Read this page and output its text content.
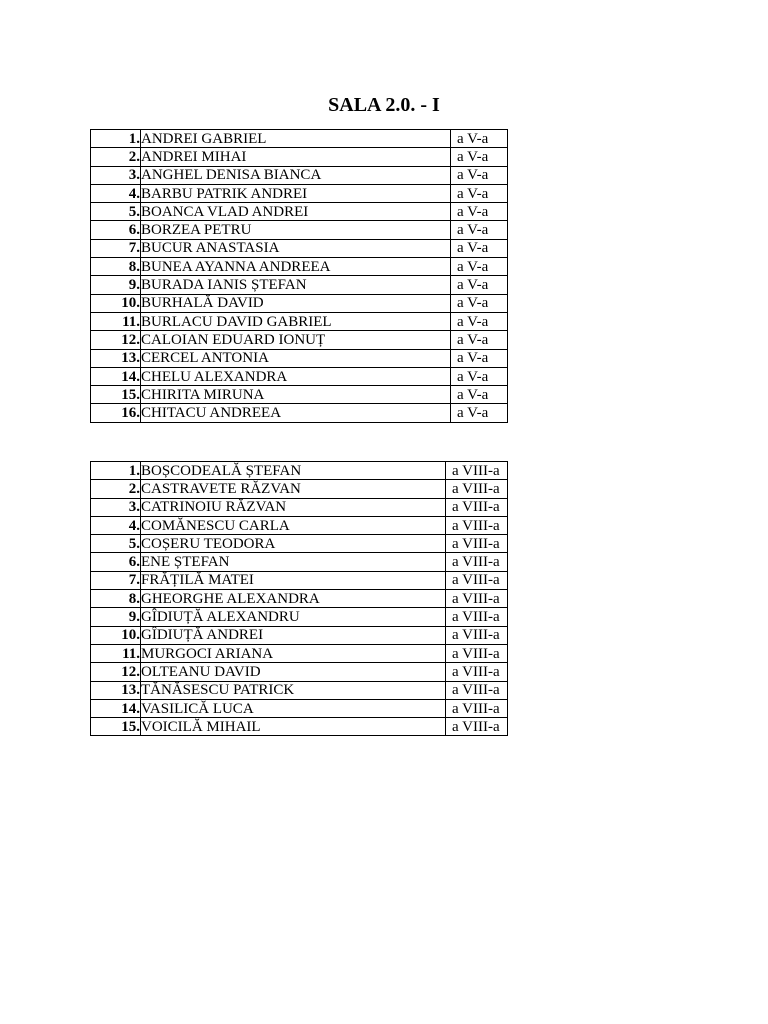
SALA 2.0. - I
1.	ANDREI GABRIEL	a V-a
2.	ANDREI MIHAI	a V-a
3.	ANGHEL DENISA BIANCA	a V-a
4.	BARBU PATRIK ANDREI	a V-a
5.	BOANCA VLAD ANDREI	a V-a
6.	BORZEA PETRU	a V-a
7.	BUCUR ANASTASIA	a V-a
8.	BUNEA AYANNA ANDREEA	a V-a
9.	BURADA IANIS ȘTEFAN	a V-a
10.	BURHALĂ DAVID	a V-a
11.	BURLACU DAVID GABRIEL	a V-a
12.	CALOIAN EDUARD IONUȚ	a V-a
13.	CERCEL ANTONIA	a V-a
14.	CHELU ALEXANDRA	a V-a
15.	CHIRITA MIRUNA	a V-a
16.	CHITACU ANDREEA	a V-a
1.	BOȘCODEALĂ ȘTEFAN	a VIII-a
2.	CASTRAVETE RĂZVAN	a VIII-a
3.	CATRINOIU RĂZVAN	a VIII-a
4.	COMĂNESCU CARLA	a VIII-a
5.	COȘERU TEODORA	a VIII-a
6.	ENE ȘTEFAN	a VIII-a
7.	FRĂȚILĂ MATEI	a VIII-a
8.	GHEORGHE ALEXANDRA	a VIII-a
9.	GÎDIUȚĂ ALEXANDRU	a VIII-a
10.	GÎDIUȚĂ ANDREI	a VIII-a
11.	MURGOCI ARIANA	a VIII-a
12.	OLTEANU DAVID	a VIII-a
13.	TĂNĂSESCU PATRICK	a VIII-a
14.	VASILICĂ LUCA	a VIII-a
15.	VOICILĂ MIHAIL	a VIII-a
